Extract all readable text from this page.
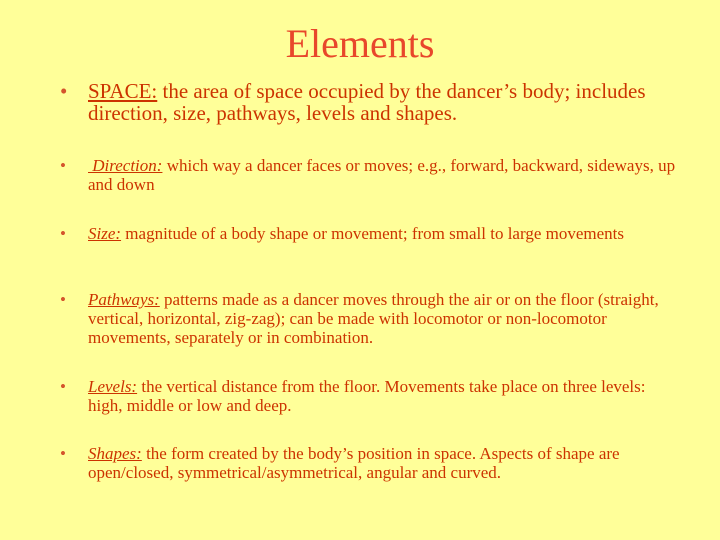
Elements
• SPACE: the area of space occupied by the dancer’s body; includes direction, size, pathways, levels and shapes.
• Direction: which way a dancer faces or moves; e.g., forward, backward, sideways, up and down
• Size: magnitude of a body shape or movement; from small to large movements
• Pathways: patterns made as a dancer moves through the air or on the floor (straight, vertical, horizontal, zig-zag); can be made with locomotor or non-locomotor movements, separately or in combination.
• Levels: the vertical distance from the floor. Movements take place on three levels: high, middle or low and deep.
• Shapes: the form created by the body’s position in space. Aspects of shape are open/closed, symmetrical/asymmetrical, angular and curved.
